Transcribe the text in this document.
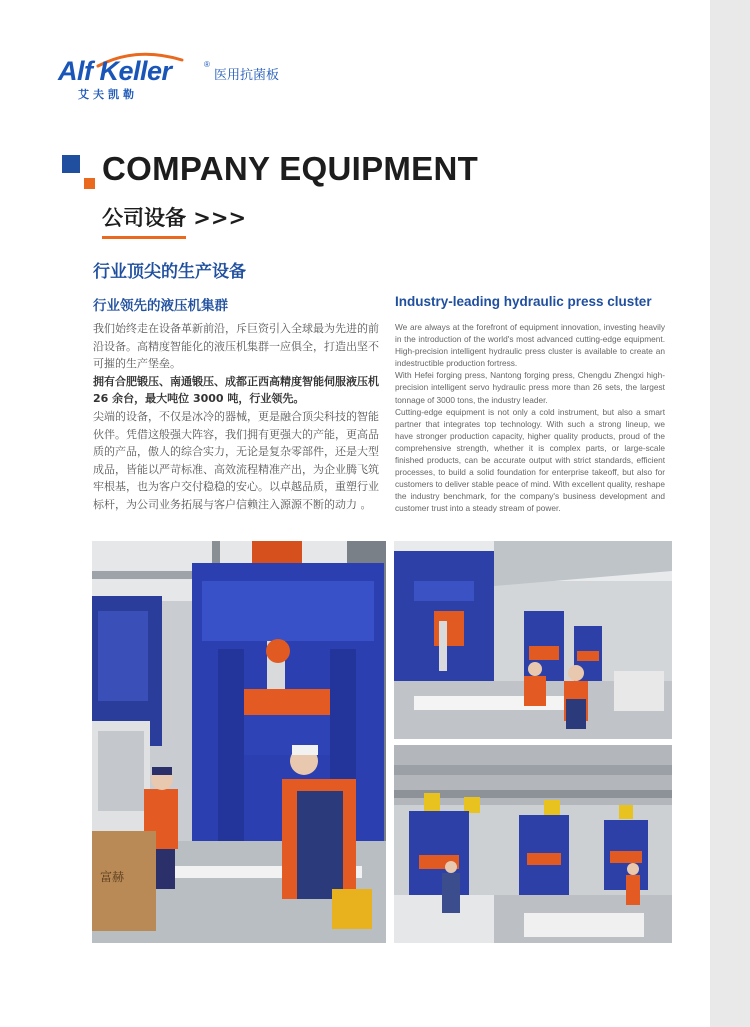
Alf Keller	®
医用抗菌板
艾夫凯勒
COMPANY EQUIPMENT
公司设备 >>>
行业顶尖的生产设备
行业领先的液压机集群	Industry-leading hydraulic press cluster

我们始终走在设备革新前沿，斥巨资引入全球最为先进的前沿设备。高精度智能化的液压机集群一应俱全，打造出坚不可摧的生产堡垒。

拥有合肥锻压、南通锻压、成都正西高精度智能伺服液压机 26 余台，最大吨位 3000 吨，行业领先。

尖端的设备，不仅是冰冷的器械，更是融合顶尖科技的智能伙伴。凭借这般强大阵容，我们拥有更强大的产能，更高品质的产品，傲人的综合实力，无论是复杂零部件，还是大型成品，皆能以严苛标准、高效流程精准产出，为企业腾飞筑牢根基，也为客户交付稳稳的安心。以卓越品质，重塑行业标杆，为公司业务拓展与客户信赖注入源源不断的动力 。

We are always at the forefront of equipment innovation, investing heavily in the introduction of the world's most advanced cutting-edge equipment. High-precision intelligent hydraulic press cluster is available to create an indestructible production fortress.

With Hefei forging press, Nantong forging press, Chengdu Zhengxi high-precision intelligent servo hydraulic press more than 26 sets, the largest tonnage of 3000 tons, the industry leader.

Cutting-edge equipment is not only a cold instrument, but also a smart partner that integrates top technology. With such a strong lineup, we have stronger production capacity, higher quality products, proud of the comprehensive strength, whether it is complex parts, or large-scale finished products, can be accurate output with strict standards, efficient processes, to build a solid foundation for enterprise takeoff, but also for customers to deliver stable peace of mind. With excellent quality, reshape the industry benchmark, for the company's business development and customer trust into a steady stream of power.

富赫
